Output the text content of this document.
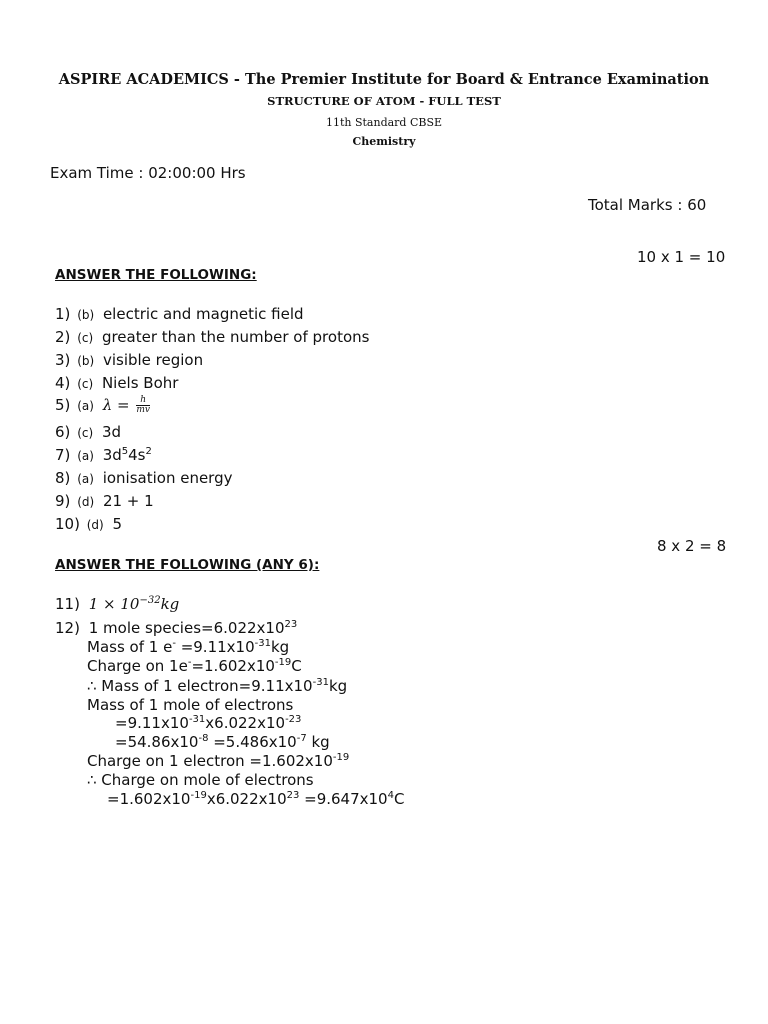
ASPIRE ACADEMICS - The Premier Institute for Board & Entrance Examination
STRUCTURE OF ATOM - FULL TEST
11th Standard CBSE
Chemistry
Exam Time : 02:00:00 Hrs
Total Marks : 60
10 x 1 = 10
ANSWER THE FOLLOWING:
1) (b) electric and magnetic field
2) (c) greater than the number of protons
3) (b) visible region
4) (c) Niels Bohr
5) (a) $\lambda = \frac{h}{mv}$
6) (c) 3d
7) (a) $3d^54s^2$
8) (a) ionisation energy
9) (d) 21 + 1
10) (d) 5
8 x 2 = 8
ANSWER THE FOLLOWING (ANY 6):
11) $1 \times 10^{-32}kg$
12) 1 mole $species=6.022x10^{23}$
Mass of 1 $e^- =9.11x10^{-31}kg$
Charge on $1e^-=1.602x10^{-19}C$
∴ Mass of 1 $electron=9.11x10^{-31}kg$
Mass of 1 mole of electrons
$=9.11x10^{-31}x6.022x10^{-23}$
$=54.86x10^{-8} =5.486x10^{-7}$ kg
Charge on 1 electron $=1.602x10^{-19}$
∴ Charge on mole of electrons
$=1.602x10^{-19}x6.022x10^{23} =9.647x10^4C$
